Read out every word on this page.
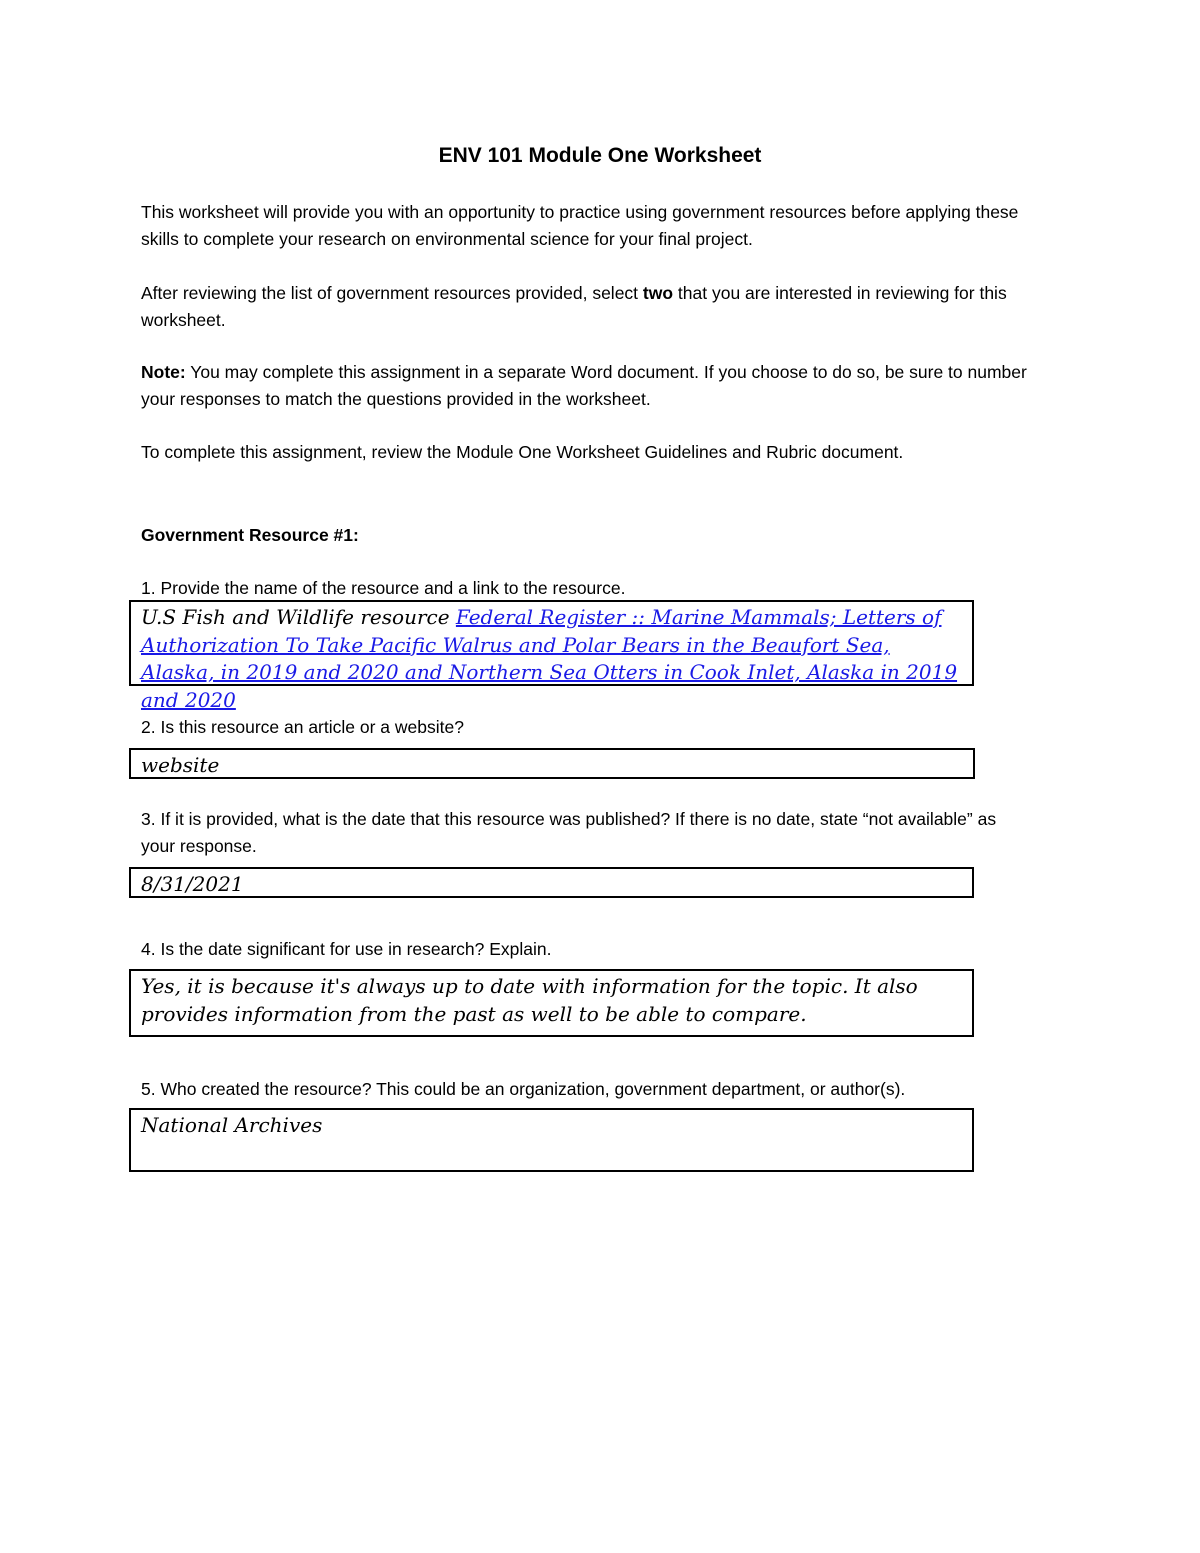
ENV 101 Module One Worksheet

This worksheet will provide you with an opportunity to practice using government resources before applying these skills to complete your research on environmental science for your final project.

After reviewing the list of government resources provided, select two that you are interested in reviewing for this worksheet.

Note: You may complete this assignment in a separate Word document. If you choose to do so, be sure to number your responses to match the questions provided in the worksheet.

To complete this assignment, review the Module One Worksheet Guidelines and Rubric document.

Government Resource #1:

1. Provide the name of the resource and a link to the resource.

U.S Fish and Wildlife resource Federal Register :: Marine Mammals; Letters of Authorization To Take Pacific Walrus and Polar Bears in the Beaufort Sea, Alaska, in 2019 and 2020 and Northern Sea Otters in Cook Inlet, Alaska in 2019 and 2020

2. Is this resource an article or a website?

website

3. If it is provided, what is the date that this resource was published? If there is no date, state “not available” as your response.

8/31/2021

4. Is the date significant for use in research? Explain.

Yes, it is because it's always up to date with information for the topic. It also provides information from the past as well to be able to compare.

5. Who created the resource? This could be an organization, government department, or author(s).

National Archives
